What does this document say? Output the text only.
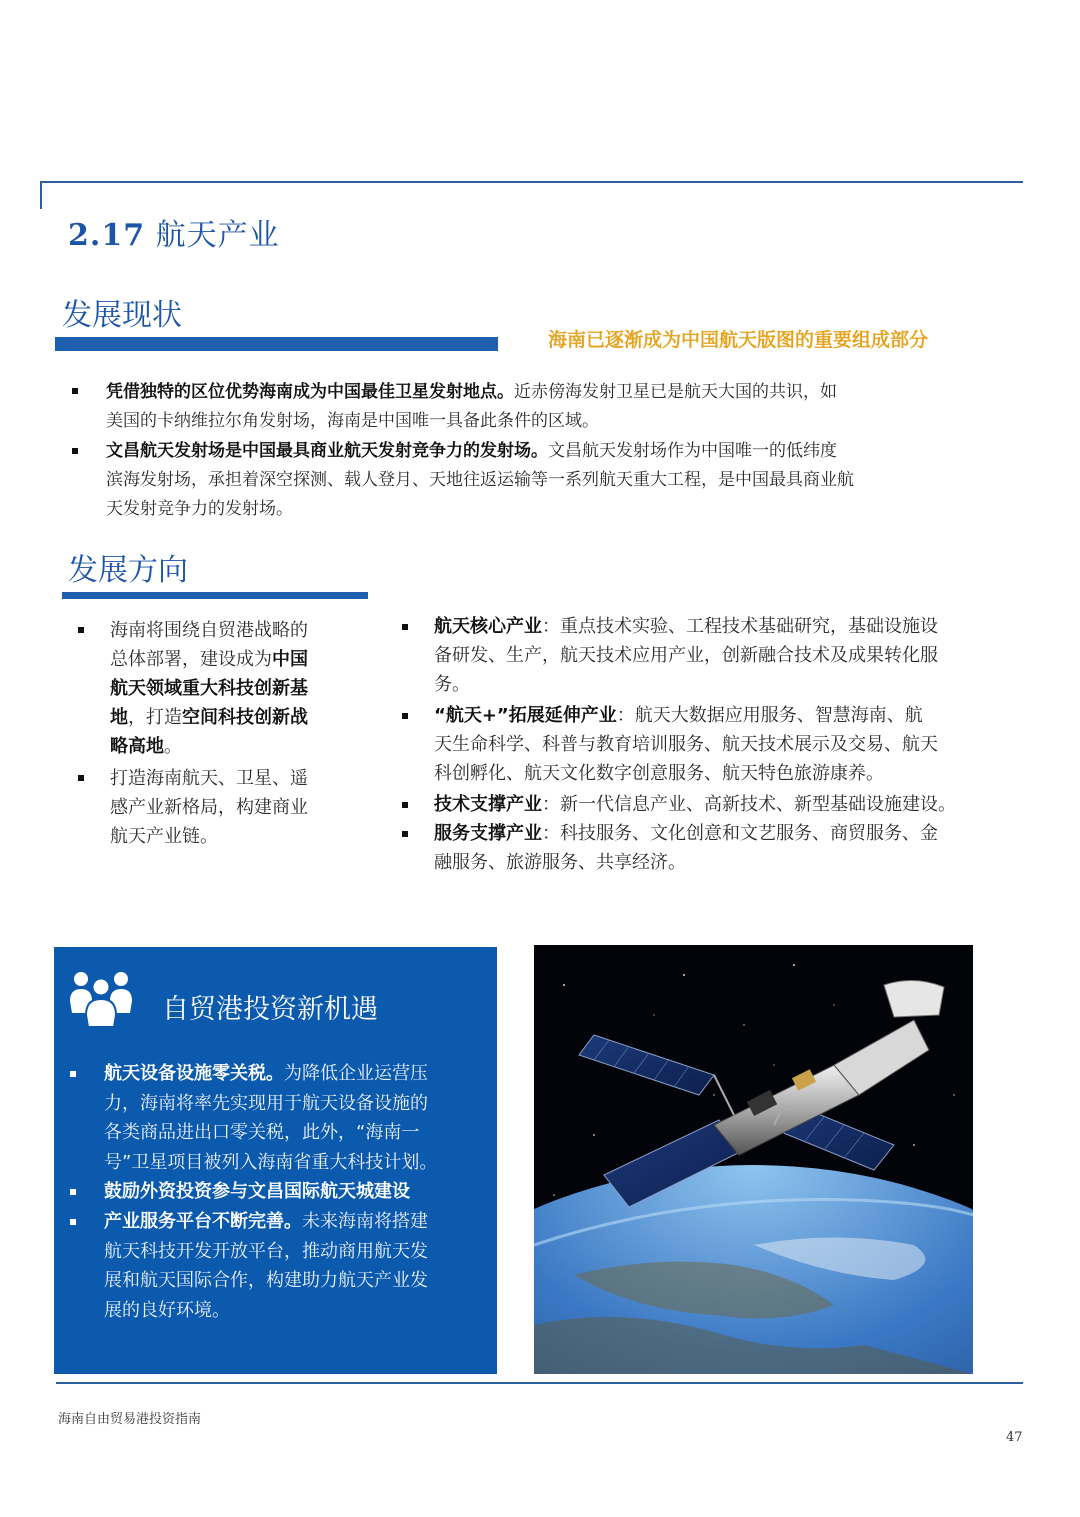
2.17 航天产业
发展现状
海南已逐渐成为中国航天版图的重要组成部分
凭借独特的区位优势海南成为中国最佳卫星发射地点。近赤傍海发射卫星已是航天大国的共识，如
美国的卡纳维拉尔角发射场，海南是中国唯一具备此条件的区域。
文昌航天发射场是中国最具商业航天发射竞争力的发射场。文昌航天发射场作为中国唯一的低纬度
滨海发射场，承担着深空探测、载人登月、天地往返运输等一系列航天重大工程，是中国最具商业航
天发射竞争力的发射场。
发展方向
海南将围绕自贸港战略的
总体部署，建设成为中国
航天领域重大科技创新基
地，打造空间科技创新战
略高地。
打造海南航天、卫星、遥
感产业新格局，构建商业
航天产业链。
航天核心产业：重点技术实验、工程技术基础研究，基础设施设
备研发、生产，航天技术应用产业，创新融合技术及成果转化服
务。
“航天+”拓展延伸产业：航天大数据应用服务、智慧海南、航
天生命科学、科普与教育培训服务、航天技术展示及交易、航天
科创孵化、航天文化数字创意服务、航天特色旅游康养。
技术支撑产业：新一代信息产业、高新技术、新型基础设施建设。
服务支撑产业：科技服务、文化创意和文艺服务、商贸服务、金
融服务、旅游服务、共享经济。
自贸港投资新机遇
航天设备设施零关税。为降低企业运营压
力，海南将率先实现用于航天设备设施的
各类商品进出口零关税，此外，“海南一
号”卫星项目被列入海南省重大科技计划。
鼓励外资投资参与文昌国际航天城建设
产业服务平台不断完善。未来海南将搭建
航天科技开发开放平台，推动商用航天发
展和航天国际合作，构建助力航天产业发
展的良好环境。
海南自由贸易港投资指南
47
